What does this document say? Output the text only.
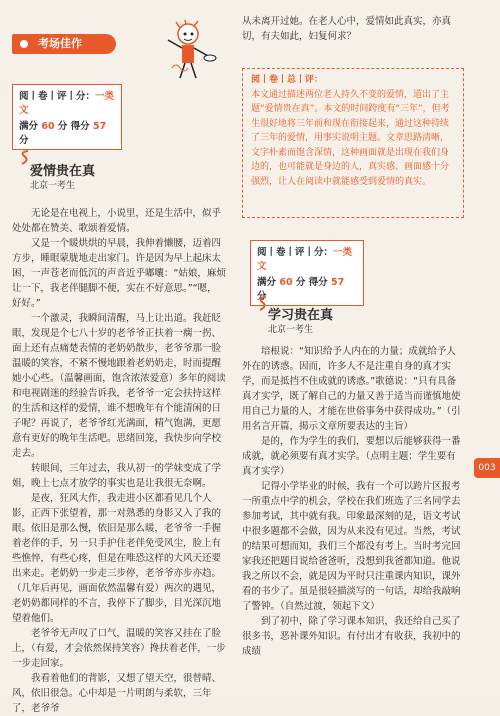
考场佳作
阅丨卷丨评丨分：一类文
满分 60 分 得分 57 分
爱情贵在真
北京一考生

无论是在电视上，小说里，还是生活中，似乎处处都在赞美、歌颂着爱情。

又是一个暖烘烘的早晨，我伸着懒腰，迈着四方步，睡眼蒙胧地走出家门。许是因为早上起床太困，一声苍老而低沉的声音近乎嘟囔：“姑娘，麻烦让一下，我老伴腿脚不便，实在不好意思。”“嗯，好好。”

一个激灵，我瞬间清醒，马上让出道。我赶眨眼，发现是个七八十岁的老爷爷正扶着一瘸一拐、面上还有点痛楚表情的老奶奶散步，老爷爷那一脸温暖的笑容，不紧不慢地跟着老奶奶走，时而提醒她小心些。（温馨画面，饱含浓浓爱意）多年的阅读和电视剧迷的经验告诉我，老爷爷一定会扶持这样的生活和这样的爱情，谁不想晚年有个能清闲的日子呢？再说了，老爷爷红光满面，精气饱满，更愿意有更好的晚年生活吧。思绪回笼，我快步向学校走去。

转眼间，三年过去，我从初一的学妹变成了学姐，晚上七点才放学的事实也是让我很无奈啊。

是夜，狂风大作，我走进小区都看见几个人影，正西下张望着，那一对熟悉的身影又入了我的眼。依旧是那么慢，依旧是那么暖，老爷爷一手握着老伴的手，另一只手护住老伴免受风尘，脸上有些憔悴，有些心疼，但是在唯恐这样的大风天还要出来走。老奶奶一步走三步停，老爷爷亦步亦趋。（几年后再见，画面依然温馨有爱）两次的遇见，老奶奶都同样的不言，我停下了脚步，目光深沉地望着他们。

老爷爷无声叹了口气，温暖的笑容又挂在了脸上，（有爱，才会依然保持笑容）搀扶着老伴，一步一步走回家。

我看着他们的背影，又想了望天空，很替晴、风，依旧很急。心中却是一片明朗与柔软，三年了，老爷爷

从未离开过她。在老人心中，爱情如此真实，亦真切，有夫如此，妇复何求？

阅丨卷丨总丨评：
本文通过描述两位老人持久不变的爱情，道出了主题“爱情贵在真”。本文的时间跨度有“三年”，但考生很好地将三年前和现在衔接起来，通过这种持续了三年的爱情，用事实说明主题。文章思路清晰，文字朴素而饱含深情，这种画面就是出现在我们身边的，也可能就是身边的人，真实感、画面感十分强烈，让人在阅读中就能感受到爱情的真实。
阅丨卷丨评丨分：一类文
满分 60 分 得分 57 分
学习贵在真
北京一考生

培根说：“知识给予人内在的力量；成就给予人外在的诱惑。因而，许多人不是注重自身的真才实学，而是抵挡不住成就的诱惑。”歌德说：“只有具备真才实学，既了解自己的力量又善于适当而谨慎地使用自己力量的人，才能在世俗事务中获得成功。”（引用名言开篇，揭示文章所要表达的主旨）

是的，作为学生的我们，要想以后能够获得一番成就，就必须要有真才实学。（点明主题：学生要有真才实学）

记得小学毕业的时候，我有一个可以跨片区报考一所重点中学的机会，学校在我们班选了三名同学去参加考试，其中就有我。印象最深刻的是，语文考试中很多题都不会做，因为从来没有见过。当然，考试的结果可想而知，我们三个都没有考上。当时考完回家我还把题目说给爸爸听，没想到我爸都知道。他说我之所以不会，就是因为平时只注重课内知识，课外看的书少了。虽是很轻描淡写的一句话，却给我敲响了警钟。（自然过渡，领起下文）

到了初中，除了学习课本知识，我还给自己买了很多书，恶补课外知识。有付出才有收获，我初中的成绩

003
